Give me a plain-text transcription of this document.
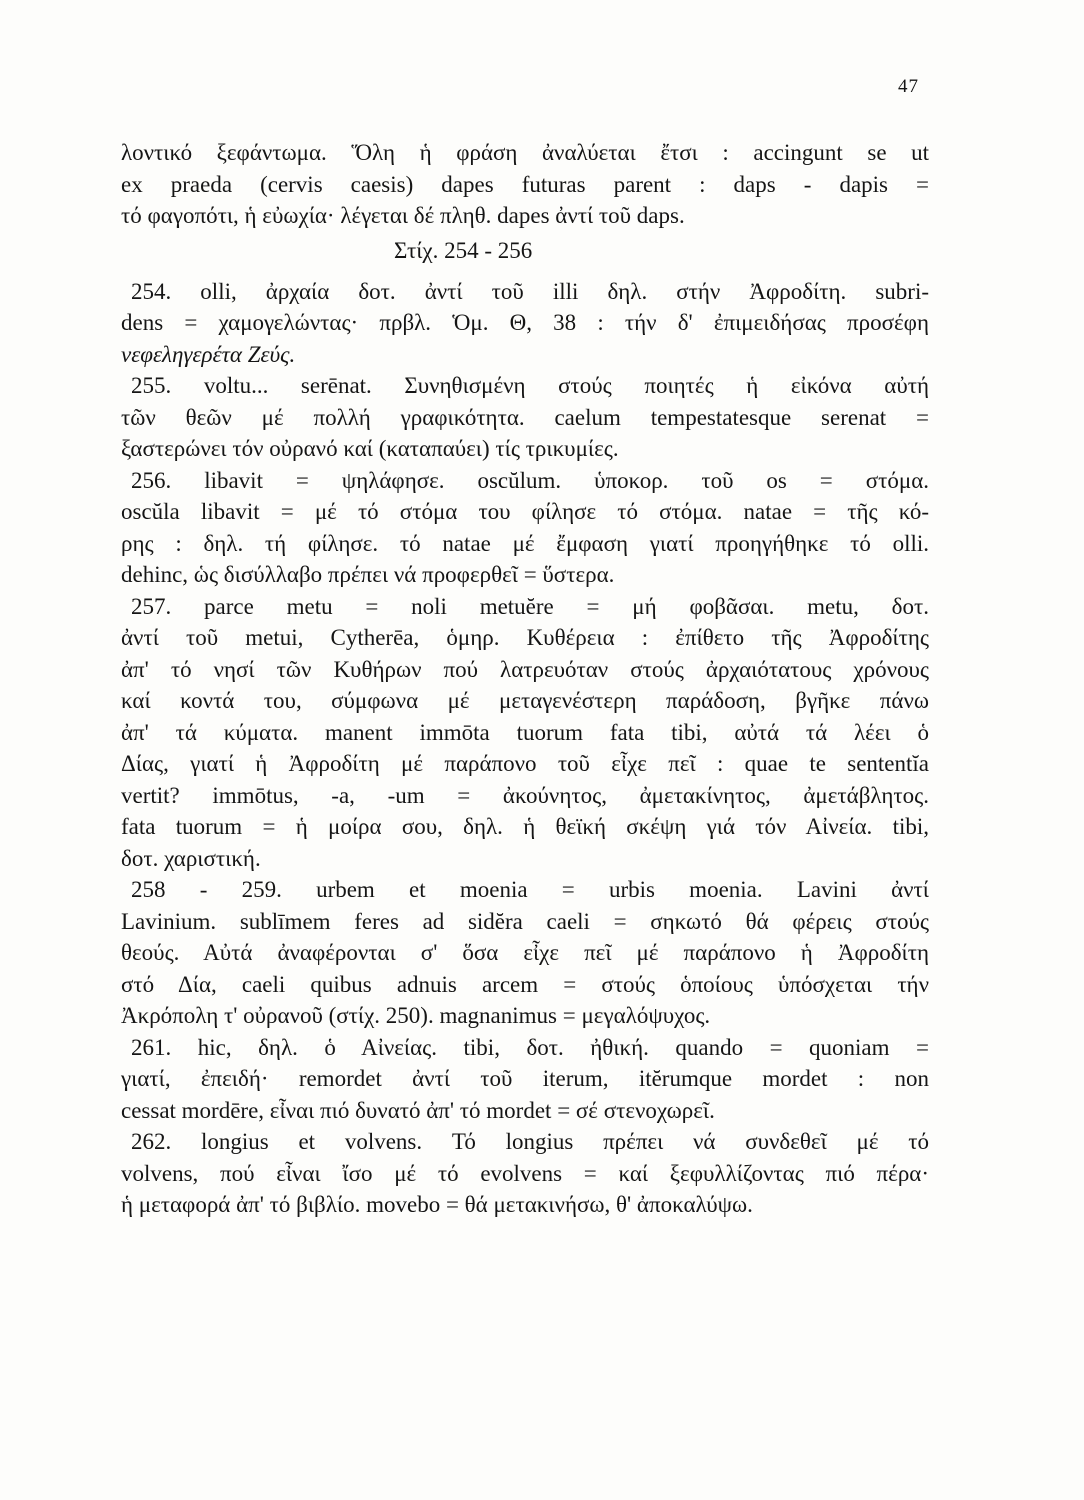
47
λοντικό ξεφάντωμα. Ὅλη ἡ φράση ἀναλύεται ἔτσι : accingunt se ut
ex praeda (cervis caesis) dapes futuras parent : daps - dapis =
τό φαγοπότι, ἡ εὐωχία· λέγεται δέ πληθ. dapes ἀντί τοῦ daps.
Στίχ. 254 - 256
254. olli, ἀρχαία δοτ. ἀντί τοῦ illi δηλ. στήν Ἀφροδίτη. subri-
dens = χαμογελώντας· πρβλ. Ὁμ. Θ, 38 : τήν δ' ἐπιμειδήσας προσέφη
νεφεληγερέτα Ζεύς.
255. voltu... serēnat. Συνηθισμένη στούς ποιητές ἡ εἰκόνα αὐτή
τῶν θεῶν μέ πολλή γραφικότητα. caelum tempestatesque serenat =
ξαστερώνει τόν οὐρανό καί (καταπαύει) τίς τρικυμίες.
256. libavit = ψηλάφησε. oscŭlum. ὑποκορ. τοῦ os = στόμα.
oscŭla libavit = μέ τό στόμα του φίλησε τό στόμα. natae = τῆς κό-
ρης : δηλ. τή φίλησε. τό natae μέ ἔμφαση γιατί προηγήθηκε τό olli.
dehinc, ὡς δισύλλαβο πρέπει νά προφερθεῖ = ὕστερα.
257. parce metu = noli metuĕre = μή φοβᾶσαι. metu, δοτ.
ἀντί τοῦ metui, Cytherēa, ὁμηρ. Κυθέρεια : ἐπίθετο τῆς Ἀφροδίτης
ἀπ' τό νησί τῶν Κυθήρων πού λατρευόταν στούς ἀρχαιότατους χρόνους
καί κοντά του, σύμφωνα μέ μεταγενέστερη παράδοση, βγῆκε πάνω
ἀπ' τά κύματα. manent immōta tuorum fata tibi, αὐτά τά λέει ὁ
Δίας, γιατί ἡ Ἀφροδίτη μέ παράπονο τοῦ εἶχε πεῖ : quae te sententĭa
vertit? immōtus, -a, -um = ἀκούνητος, ἀμετακίνητος, ἀμετάβλητος.
fata tuorum = ἡ μοίρα σου, δηλ. ἡ θεϊκή σκέψη γιά τόν Αἰνεία. tibi,
δοτ. χαριστική.
258 - 259. urbem et moenia = urbis moenia. Lavini ἀντί
Lavinium. sublīmem feres ad sidĕra caeli = σηκωτό θά φέρεις στούς
θεούς. Αὐτά ἀναφέρονται σ' ὅσα εἶχε πεῖ μέ παράπονο ἡ Ἀφροδίτη
στό Δία, caeli quibus adnuis arcem = στούς ὁποίους ὑπόσχεται τήν
Ἀκρόπολη τ' οὐρανοῦ (στίχ. 250). magnanimus = μεγαλόψυχος.
261. hic, δηλ. ὁ Αἰνείας. tibi, δοτ. ἠθική. quando = quoniam =
γιατί, ἐπειδή· remordet ἀντί τοῦ iterum, itĕrumque mordet : non
cessat mordēre, εἶναι πιό δυνατό ἀπ' τό mordet = σέ στενοχωρεῖ.
262. longius et volvens. Τό longius πρέπει νά συνδεθεῖ μέ τό
volvens, πού εἶναι ἴσο μέ τό evolvens = καί ξεφυλλίζοντας πιό πέρα·
ἡ μεταφορά ἀπ' τό βιβλίο. movebo = θά μετακινήσω, θ' ἀποκαλύψω.
